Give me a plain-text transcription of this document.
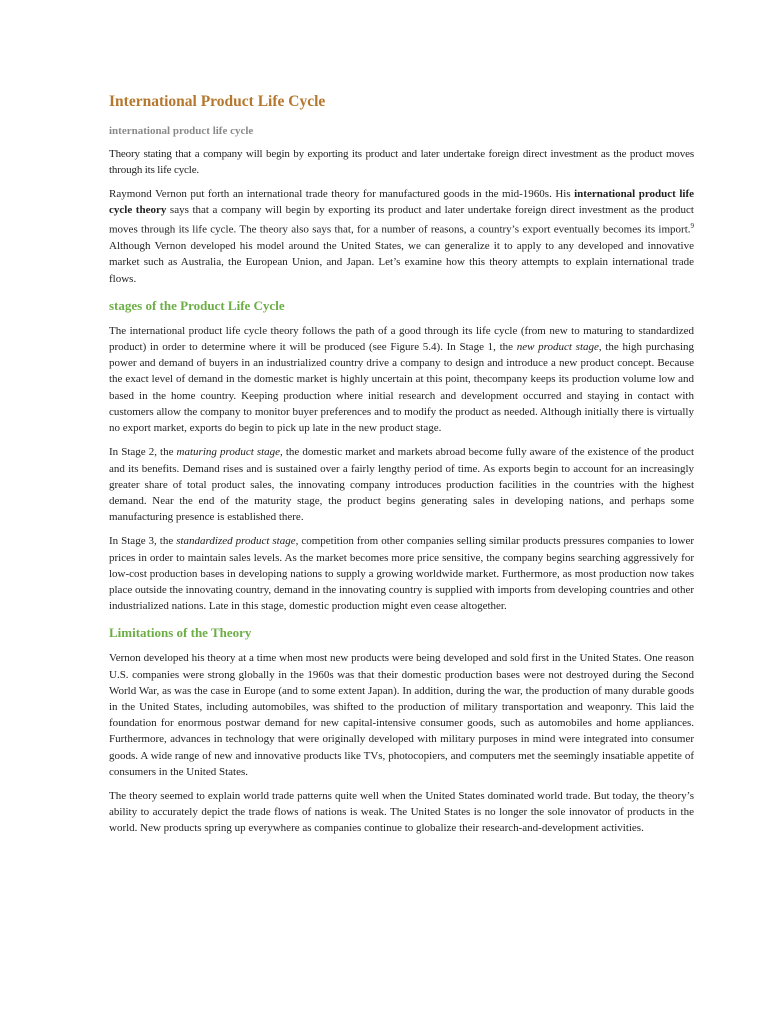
International Product Life Cycle
international product life cycle

Theory stating that a company will begin by exporting its product and later undertake foreign direct investment as the product moves through its life cycle.

Raymond Vernon put forth an international trade theory for manufactured goods in the mid-1960s. His international product life cycle theory says that a company will begin by exporting its product and later undertake foreign direct investment as the product moves through its life cycle. The theory also says that, for a number of reasons, a country’s export eventually becomes its import.$^9$ Although Vernon developed his model around the United States, we can generalize it to apply to any developed and innovative market such as Australia, the European Union, and Japan. Let’s examine how this theory attempts to explain international trade flows.

stages of the Product Life Cycle

The international product life cycle theory follows the path of a good through its life cycle (from new to maturing to standardized product) in order to determine where it will be produced (see Figure 5.4). In Stage 1, the new product stage, the high purchasing power and demand of buyers in an industrialized country drive a company to design and introduce a new product concept. Because the exact level of demand in the domestic market is highly uncertain at this point, thecompany keeps its production volume low and based in the home country. Keeping production where initial research and development occurred and staying in contact with customers allow the company to monitor buyer preferences and to modify the product as needed. Although initially there is virtually no export market, exports do begin to pick up late in the new product stage.

In Stage 2, the maturing product stage, the domestic market and markets abroad become fully aware of the existence of the product and its benefits. Demand rises and is sustained over a fairly lengthy period of time. As exports begin to account for an increasingly greater share of total product sales, the innovating company introduces production facilities in the countries with the highest demand. Near the end of the maturity stage, the product begins generating sales in developing nations, and perhaps some manufacturing presence is established there.

In Stage 3, the standardized product stage, competition from other companies selling similar products pressures companies to lower prices in order to maintain sales levels. As the market becomes more price sensitive, the company begins searching aggressively for low-cost production bases in developing nations to supply a growing worldwide market. Furthermore, as most production now takes place outside the innovating country, demand in the innovating country is supplied with imports from developing countries and other industrialized nations. Late in this stage, domestic production might even cease altogether.

Limitations of the Theory

Vernon developed his theory at a time when most new products were being developed and sold first in the United States. One reason U.S. companies were strong globally in the 1960s was that their domestic production bases were not destroyed during the Second World War, as was the case in Europe (and to some extent Japan). In addition, during the war, the production of many durable goods in the United States, including automobiles, was shifted to the production of military transportation and weaponry. This laid the foundation for enormous postwar demand for new capital-intensive consumer goods, such as automobiles and home appliances. Furthermore, advances in technology that were originally developed with military purposes in mind were integrated into consumer goods. A wide range of new and innovative products like TVs, photocopiers, and computers met the seemingly insatiable appetite of consumers in the United States.

The theory seemed to explain world trade patterns quite well when the United States dominated world trade. But today, the theory’s ability to accurately depict the trade flows of nations is weak. The United States is no longer the sole innovator of products in the world. New products spring up everywhere as companies continue to globalize their research-and-development activities.
